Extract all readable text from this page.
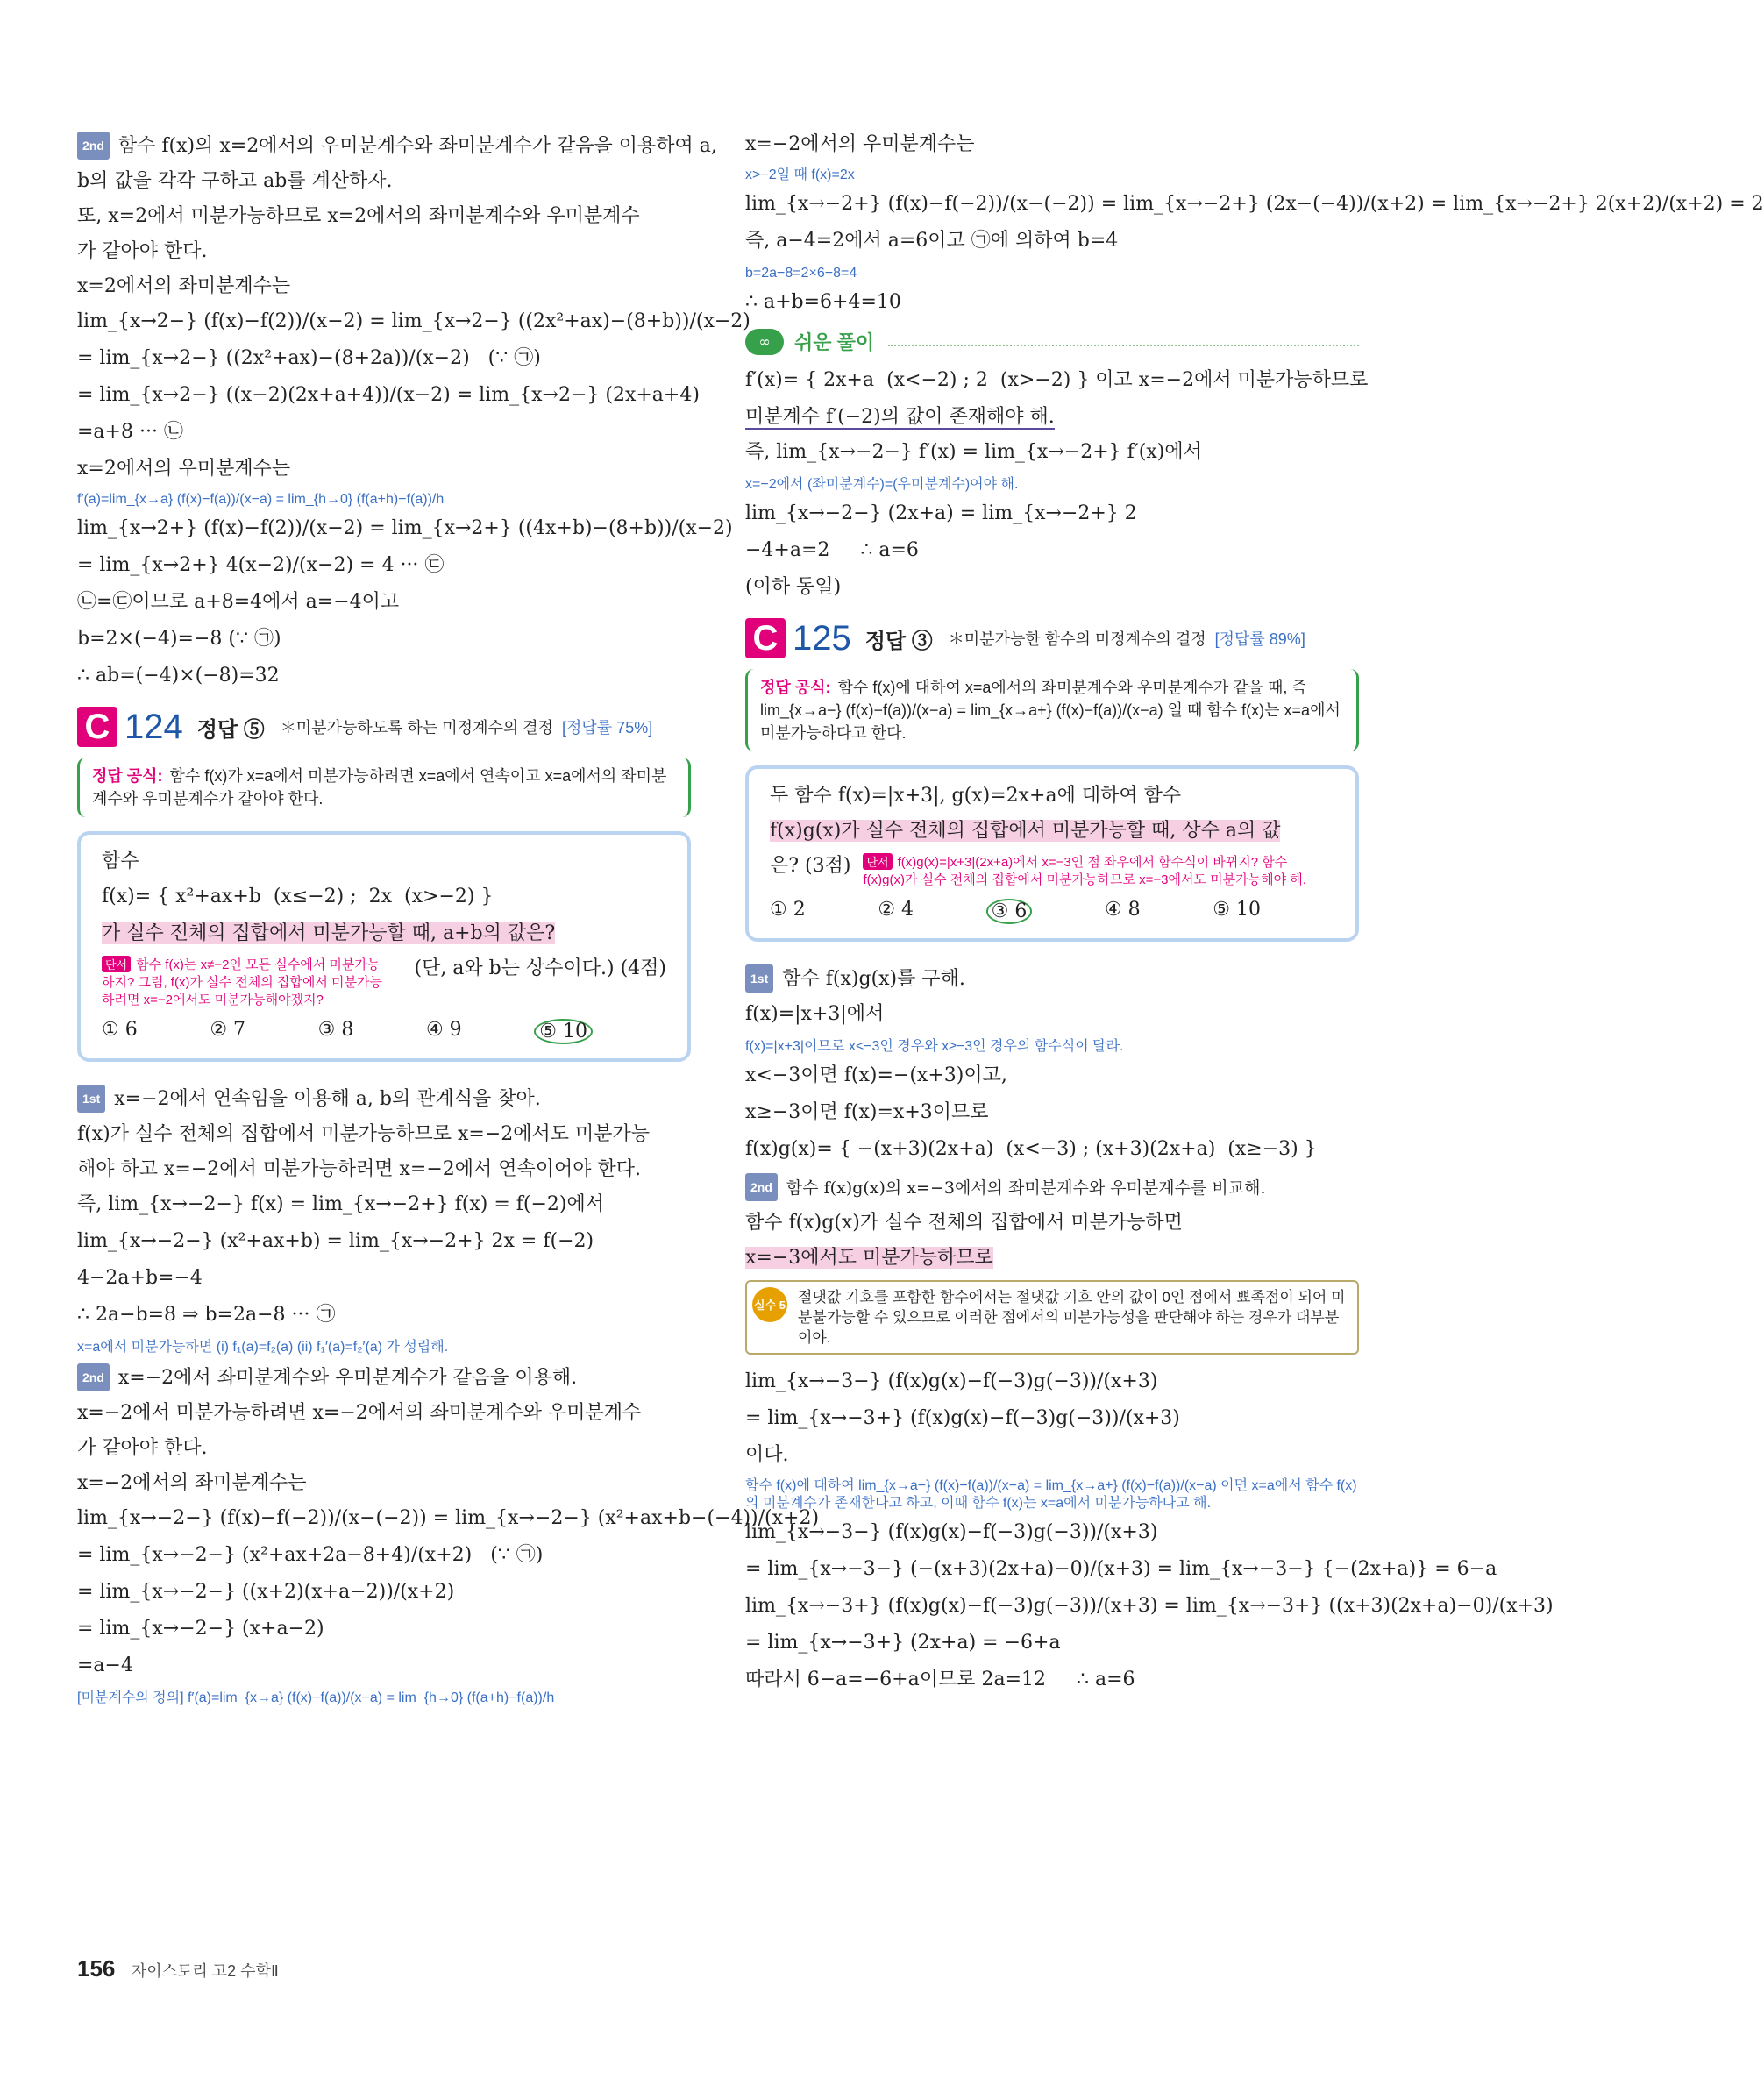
2nd 함수 f(x)의 x=2에서의 우미분계수와 좌미분계수가 같음을 이용하여 a,
b의 값을 각각 구하고 ab를 계산하자.
또, x=2에서 미분가능하므로 x=2에서의 좌미분계수와 우미분계수
가 같아야 한다.
x=2에서의 좌미분계수는
lim_{x→2−} (f(x)−f(2))/(x−2) = lim_{x→2−} ((2x²+ax)−(8+b))/(x−2)
= lim_{x→2−} ((2x²+ax)−(8+2a))/(x−2)   (∵ ㉠)
= lim_{x→2−} ((x−2)(2x+a+4))/(x−2) = lim_{x→2−} (2x+a+4)
=a+8 ··· ㉡
x=2에서의 우미분계수는
f′(a)=lim_{x→a} (f(x)−f(a))/(x−a) = lim_{h→0} (f(a+h)−f(a))/h
lim_{x→2+} (f(x)−f(2))/(x−2) = lim_{x→2+} ((4x+b)−(8+b))/(x−2)
= lim_{x→2+} 4(x−2)/(x−2) = 4 ··· ㉢
㉡=㉢이므로 a+8=4에서 a=−4이고
b=2×(−4)=−8 (∵ ㉠)
∴ ab=(−4)×(−8)=32
C 124 정답 ⑤ ＊미분가능하도록 하는 미정계수의 결정 [정답률 75%]
정답 공식: 함수 f(x)가 x=a에서 미분가능하려면 x=a에서 연속이고 x=a에서의 좌미분계수와 우미분계수가 같아야 한다.
함수
f(x)= { x²+ax+b  (x≤−2) ;  2x  (x>−2) }
가 실수 전체의 집합에서 미분가능할 때, a+b의 값은?
단서 함수 f(x)는 x≠−2인 모든 실수에서 미분가능하지? 그럼, f(x)가 실수 전체의 집합에서 미분가능하려면 x=−2에서도 미분가능해야겠지?
(단, a와 b는 상수이다.) (4점)
① 6	② 7	③ 8	④ 9	⑤ 10
1st x=−2에서 연속임을 이용해 a, b의 관계식을 찾아.
f(x)가 실수 전체의 집합에서 미분가능하므로 x=−2에서도 미분가능
해야 하고 x=−2에서 미분가능하려면 x=−2에서 연속이어야 한다.
즉, lim_{x→−2−} f(x) = lim_{x→−2+} f(x) = f(−2)에서
lim_{x→−2−} (x²+ax+b) = lim_{x→−2+} 2x = f(−2)
4−2a+b=−4
∴ 2a−b=8 ⇒ b=2a−8 ··· ㉠
x=a에서 미분가능하면 (i) f₁(a)=f₂(a) (ii) f₁′(a)=f₂′(a) 가 성립해.
2nd x=−2에서 좌미분계수와 우미분계수가 같음을 이용해.
x=−2에서 미분가능하려면 x=−2에서의 좌미분계수와 우미분계수
가 같아야 한다.
x=−2에서의 좌미분계수는
lim_{x→−2−} (f(x)−f(−2))/(x−(−2)) = lim_{x→−2−} (x²+ax+b−(−4))/(x+2)
= lim_{x→−2−} (x²+ax+2a−8+4)/(x+2)   (∵ ㉠)
= lim_{x→−2−} ((x+2)(x+a−2))/(x+2)
= lim_{x→−2−} (x+a−2)
=a−4
[미분계수의 정의] f′(a)=lim_{x→a} (f(x)−f(a))/(x−a) = lim_{h→0} (f(a+h)−f(a))/h
x=−2에서의 우미분계수는
x>−2일 때 f(x)=2x
lim_{x→−2+} (f(x)−f(−2))/(x−(−2)) = lim_{x→−2+} (2x−(−4))/(x+2) = lim_{x→−2+} 2(x+2)/(x+2) = 2
즉, a−4=2에서 a=6이고 ㉠에 의하여 b=4
b=2a−8=2×6−8=4
∴ a+b=6+4=10
∞	쉬운 풀이
f′(x)= { 2x+a  (x<−2) ; 2  (x>−2) } 이고 x=−2에서 미분가능하므로
미분계수 f′(−2)의 값이 존재해야 해.
즉, lim_{x→−2−} f′(x) = lim_{x→−2+} f′(x)에서
x=−2에서 (좌미분계수)=(우미분계수)여야 해.
lim_{x→−2−} (2x+a) = lim_{x→−2+} 2
−4+a=2     ∴ a=6
(이하 동일)
C 125 정답 ③ ＊미분가능한 함수의 미정계수의 결정 [정답률 89%]
정답 공식: 함수 f(x)에 대하여 x=a에서의 좌미분계수와 우미분계수가 같을 때, 즉 lim_{x→a−} (f(x)−f(a))/(x−a) = lim_{x→a+} (f(x)−f(a))/(x−a) 일 때 함수 f(x)는 x=a에서 미분가능하다고 한다.
두 함수 f(x)=|x+3|, g(x)=2x+a에 대하여 함수
f(x)g(x)가 실수 전체의 집합에서 미분가능할 때, 상수 a의 값
은? (3점)	단서 f(x)g(x)=|x+3|(2x+a)에서 x=−3인 점 좌우에서 함수식이 바뀌지? 함수 f(x)g(x)가 실수 전체의 집합에서 미분가능하므로 x=−3에서도 미분가능해야 해.
① 2	② 4	③ 6	④ 8	⑤ 10
1st 함수 f(x)g(x)를 구해.
f(x)=|x+3|에서
f(x)=|x+3|이므로 x<−3인 경우와 x≥−3인 경우의 함수식이 달라.
x<−3이면 f(x)=−(x+3)이고,
x≥−3이면 f(x)=x+3이므로
f(x)g(x)= { −(x+3)(2x+a)  (x<−3) ; (x+3)(2x+a)  (x≥−3) }
2nd 함수 f(x)g(x)의 x=−3에서의 좌미분계수와 우미분계수를 비교해.
함수 f(x)g(x)가 실수 전체의 집합에서 미분가능하면
x=−3에서도 미분가능하므로
실수 5 절댓값 기호를 포함한 함수에서는 절댓값 기호 안의 값이 0인 점에서 뾰족점이 되어 미분불가능할 수 있으므로 이러한 점에서의 미분가능성을 판단해야 하는 경우가 대부분이야.
lim_{x→−3−} (f(x)g(x)−f(−3)g(−3))/(x+3)
= lim_{x→−3+} (f(x)g(x)−f(−3)g(−3))/(x+3)
이다.
함수 f(x)에 대하여 lim_{x→a−} (f(x)−f(a))/(x−a) = lim_{x→a+} (f(x)−f(a))/(x−a) 이면 x=a에서 함수 f(x)의 미분계수가 존재한다고 하고, 이때 함수 f(x)는 x=a에서 미분가능하다고 해.
lim_{x→−3−} (f(x)g(x)−f(−3)g(−3))/(x+3)
= lim_{x→−3−} (−(x+3)(2x+a)−0)/(x+3) = lim_{x→−3−} {−(2x+a)} = 6−a
lim_{x→−3+} (f(x)g(x)−f(−3)g(−3))/(x+3) = lim_{x→−3+} ((x+3)(2x+a)−0)/(x+3)
= lim_{x→−3+} (2x+a) = −6+a
따라서 6−a=−6+a이므로 2a=12     ∴ a=6
156 자이스토리 고2 수학Ⅱ
